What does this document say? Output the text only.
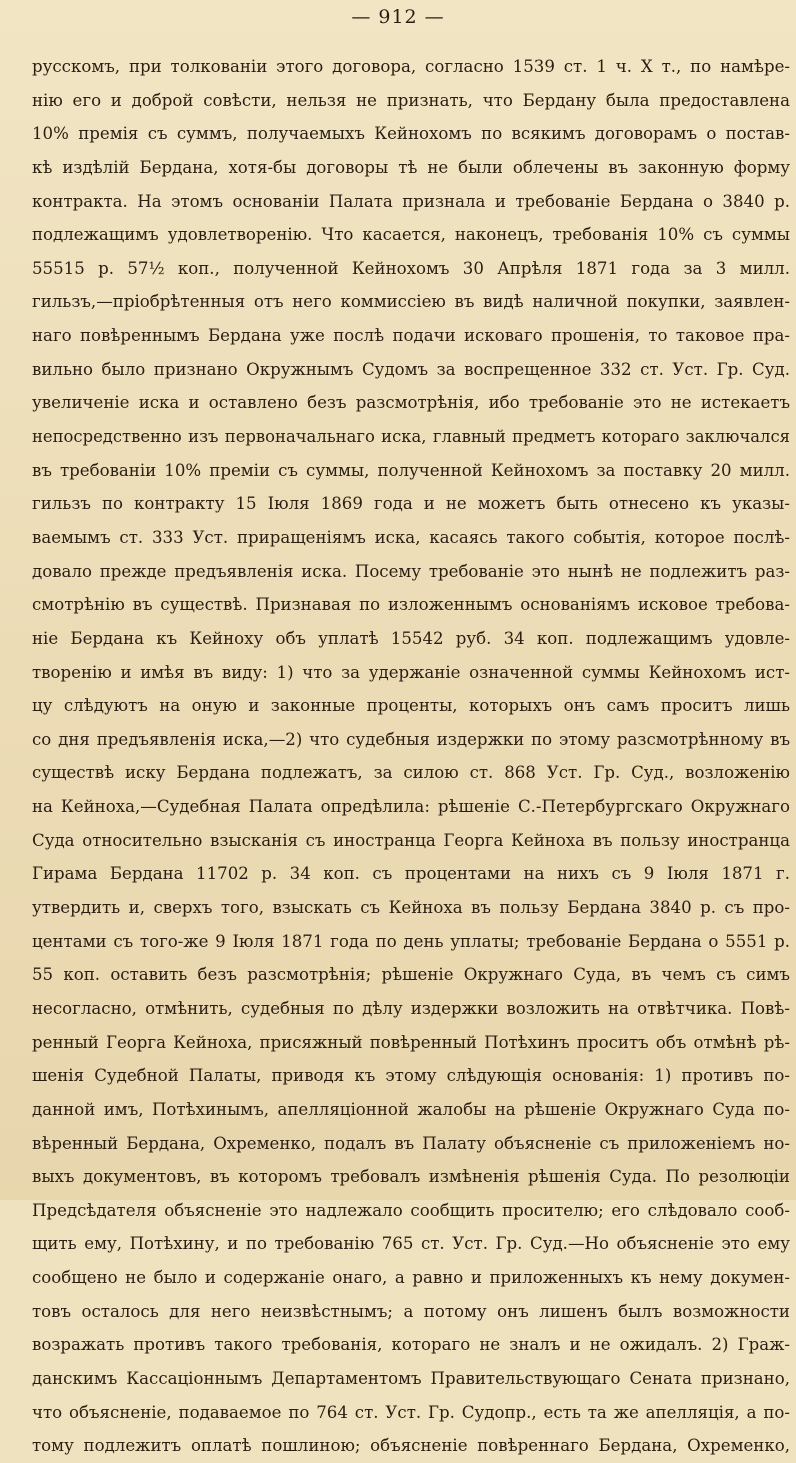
— 912 —
русскомъ, при толкованіи этого договора, согласно 1539 ст. 1 ч. X т., по намѣре-
нію его и доброй совѣсти, нельзя не признать, что Бердану была предоставлена
10% премія съ суммъ, получаемыхъ Кейнохомъ по всякимъ договорамъ о постав-
кѣ издѣлій Бердана, хотя-бы договоры тѣ не были облечены въ законную форму
контракта. На этомъ основаніи Палата признала и требованіе Бердана о 3840 р.
подлежащимъ удовлетворенію. Что касается, наконецъ, требованія 10% съ суммы
55515 р. 57½ коп., полученной Кейнохомъ 30 Апрѣля 1871 года за 3 милл.
гильзъ,—пріобрѣтенныя отъ него коммиссіею въ видѣ наличной покупки, заявлен-
наго повѣреннымъ Бердана уже послѣ подачи исковаго прошенія, то таковое пра-
вильно было признано Окружнымъ Судомъ за воспрещенное 332 ст. Уст. Гр. Суд.
увеличеніе иска и оставлено безъ разсмотрѣнія, ибо требованіе это не истекаетъ
непосредственно изъ первоначальнаго иска, главный предметъ котораго заключался
въ требованіи 10% преміи съ суммы, полученной Кейнохомъ за поставку 20 милл.
гильзъ по контракту 15 Іюля 1869 года и не можетъ быть отнесено къ указы-
ваемымъ ст. 333 Уст. приращеніямъ иска, касаясь такого событія, которое послѣ-
довало прежде предъявленія иска. Посему требованіе это нынѣ не подлежитъ раз-
смотрѣнію въ существѣ. Признавая по изложеннымъ основаніямъ исковое требова-
ніе Бердана къ Кейноху объ уплатѣ 15542 руб. 34 коп. подлежащимъ удовле-
творенію и имѣя въ виду: 1) что за удержаніе означенной суммы Кейнохомъ ист-
цу слѣдуютъ на оную и законные проценты, которыхъ онъ самъ проситъ лишь
со дня предъявленія иска,—2) что судебныя издержки по этому разсмотрѣнному въ
существѣ иску Бердана подлежатъ, за силою ст. 868 Уст. Гр. Суд., возложенію
на Кейноха,—Судебная Палата опредѣлила: рѣшеніе С.-Петербургскаго Окружнаго
Суда относительно взысканія съ иностранца Георга Кейноха въ пользу иностранца
Гирама Бердана 11702 р. 34 коп. съ процентами на нихъ съ 9 Іюля 1871 г.
утвердить и, сверхъ того, взыскать съ Кейноха въ пользу Бердана 3840 р. съ про-
центами съ того-же 9 Іюля 1871 года по день уплаты; требованіе Бердана о 5551 р.
55 коп. оставить безъ разсмотрѣнія; рѣшеніе Окружнаго Суда, въ чемъ съ симъ
несогласно, отмѣнить, судебныя по дѣлу издержки возложить на отвѣтчика. Повѣ-
ренный Георга Кейноха, присяжный повѣренный Потѣхинъ проситъ объ отмѣнѣ рѣ-
шенія Судебной Палаты, приводя къ этому слѣдующія основанія: 1) противъ по-
данной имъ, Потѣхинымъ, апелляціонной жалобы на рѣшеніе Окружнаго Суда по-
вѣренный Бердана, Охременко, подалъ въ Палату объясненіе съ приложеніемъ но-
выхъ документовъ, въ которомъ требовалъ измѣненія рѣшенія Суда. По резолюціи
Предсѣдателя объясненіе это надлежало сообщить просителю; его слѣдовало сооб-
щить ему, Потѣхину, и по требованію 765 ст. Уст. Гр. Суд.—Но объясненіе это ему
сообщено не было и содержаніе онаго, а равно и приложенныхъ къ нему докумен-
товъ осталось для него неизвѣстнымъ; а потому онъ лишенъ былъ возможности
возражать противъ такого требованія, котораго не зналъ и не ожидалъ. 2) Граж-
данскимъ Кассаціоннымъ Департаментомъ Правительствующаго Сената признано,
что объясненіе, подаваемое по 764 ст. Уст. Гр. Судопр., есть та же апелляція, а по-
тому подлежитъ оплатѣ пошлиною; объясненіе повѣреннаго Бердана, Охременко,
